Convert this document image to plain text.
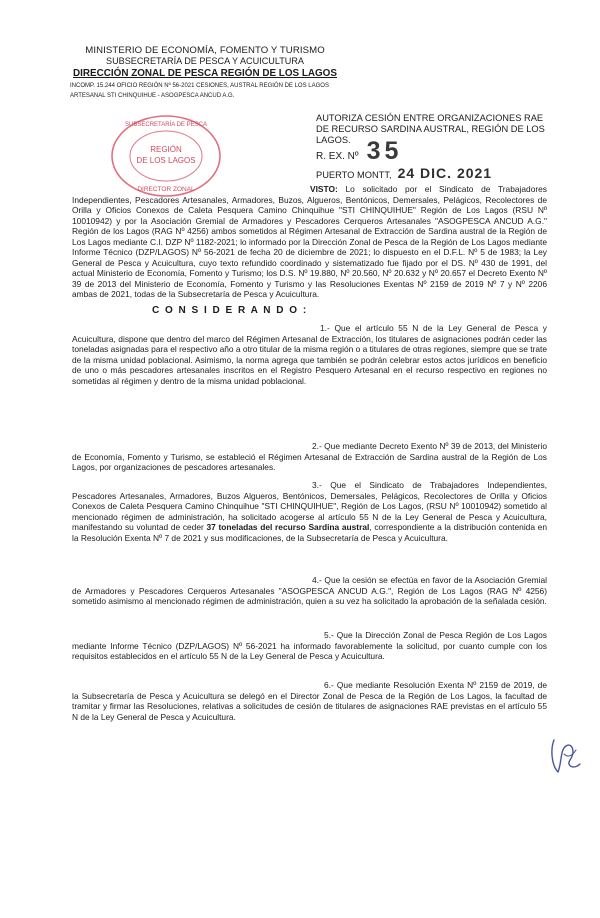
MINISTERIO DE ECONOMÍA, FOMENTO Y TURISMO
SUBSECRETARÍA DE PESCA Y ACUICULTURA
DIRECCIÓN ZONAL DE PESCA REGIÓN DE LOS LAGOS
INCOMP. 15.244 OFICIO REGIÓN Nº 56-2021 CESIONES, AUSTRAL REGIÓN DE LOS LAGOS
ARTESANAL STI CHINQUIHUE - ASOGPESCA ANCUD A.G.
REGIÓN
DE LOS LAGOS
SUBSECRETARÍA DE PESCA
DIRECTOR ZONAL
AUTORIZA CESIÓN ENTRE ORGANIZACIONES RAE DE RECURSO SARDINA AUSTRAL, REGIÓN DE LOS LAGOS.
R. EX. Nº 35
PUERTO MONTT, 24 DIC. 2021
VISTO: Lo solicitado por el Sindicato de Trabajadores Independientes, Pescadores Artesanales, Armadores, Buzos, Algueros, Bentónicos, Demersales, Pelágicos, Recolectores de Orilla y Oficios Conexos de Caleta Pesquera Camino Chinquihue "STI CHINQUIHUE" Región de Los Lagos (RSU Nº 10010942) y por la Asociación Gremial de Armadores y Pescadores Cerqueros Artesanales "ASOGPESCA ANCUD A.G." Región de los Lagos (RAG Nº 4256) ambos sometidos al Régimen Artesanal de Extracción de Sardina austral de la Región de Los Lagos mediante C.I. DZP Nº 1182-2021; lo informado por la Dirección Zonal de Pesca de la Región de Los Lagos mediante Informe Técnico (DZP/LAGOS) Nº 56-2021 de fecha 20 de diciembre de 2021; lo dispuesto en el D.F.L. Nº 5 de 1983; la Ley General de Pesca y Acuicultura, cuyo texto refundido coordinado y sistematizado fue fijado por el DS. Nº 430 de 1991, del actual Ministerio de Economía, Fomento y Turismo; los D.S. Nº 19.880, Nº 20.560, Nº 20.632 y Nº 20.657 el Decreto Exento Nº 39 de 2013 del Ministerio de Economía, Fomento y Turismo y las Resoluciones Exentas Nº 2159 de 2019 Nº 7 y Nº 2206 ambas de 2021, todas de la Subsecretaría de Pesca y Acuicultura.
C O N S I D E R A N D O :
1.- Que el artículo 55 N de la Ley General de Pesca y Acuicultura, dispone que dentro del marco del Régimen Artesanal de Extracción, los titulares de asignaciones podrán ceder las toneladas asignadas para el respectivo año a otro titular de la misma región o a titulares de otras regiones, siempre que se trate de la misma unidad poblacional. Asimismo, la norma agrega que también se podrán celebrar estos actos jurídicos en beneficio de uno o más pescadores artesanales inscritos en el Registro Pesquero Artesanal en el recurso respectivo en regiones no sometidas al régimen y dentro de la misma unidad poblacional.
2.- Que mediante Decreto Exento Nº 39 de 2013, del Ministerio de Economía, Fomento y Turismo, se estableció el Régimen Artesanal de Extracción de Sardina austral de la Región de Los Lagos, por organizaciones de pescadores artesanales.
3.- Que el Sindicato de Trabajadores Independientes, Pescadores Artesanales, Armadores, Buzos Algueros, Bentónicos, Demersales, Pelágicos, Recolectores de Orilla y Oficios Conexos de Caleta Pesquera Camino Chinquihue "STI CHINQUIHUE", Región de Los Lagos, (RSU Nº 10010942) sometido al mencionado régimen de administración, ha solicitado acogerse al artículo 55 N de la Ley General de Pesca y Acuicultura, manifestando su voluntad de ceder 37 toneladas del recurso Sardina austral, correspondiente a la distribución contenida en la Resolución Exenta Nº 7 de 2021 y sus modificaciones, de la Subsecretaría de Pesca y Acuicultura.
4.- Que la cesión se efectúa en favor de la Asociación Gremial de Armadores y Pescadores Cerqueros Artesanales "ASOGPESCA ANCUD A.G.", Región de Los Lagos (RAG Nº 4256) sometido asimismo al mencionado régimen de administración, quien a su vez ha solicitado la aprobación de la señalada cesión.
5.- Que la Dirección Zonal de Pesca Región de Los Lagos mediante Informe Técnico (DZP/LAGOS) Nº 56-2021 ha informado favorablemente la solicitud, por cuanto cumple con los requisitos establecidos en el artículo 55 N de la Ley General de Pesca y Acuicultura.
6.- Que mediante Resolución Exenta Nº 2159 de 2019, de la Subsecretaría de Pesca y Acuicultura se delegó en el Director Zonal de Pesca de la Región de Los Lagos, la facultad de tramitar y firmar las Resoluciones, relativas a solicitudes de cesión de titulares de asignaciones RAE previstas en el artículo 55 N de la Ley General de Pesca y Acuicultura.
